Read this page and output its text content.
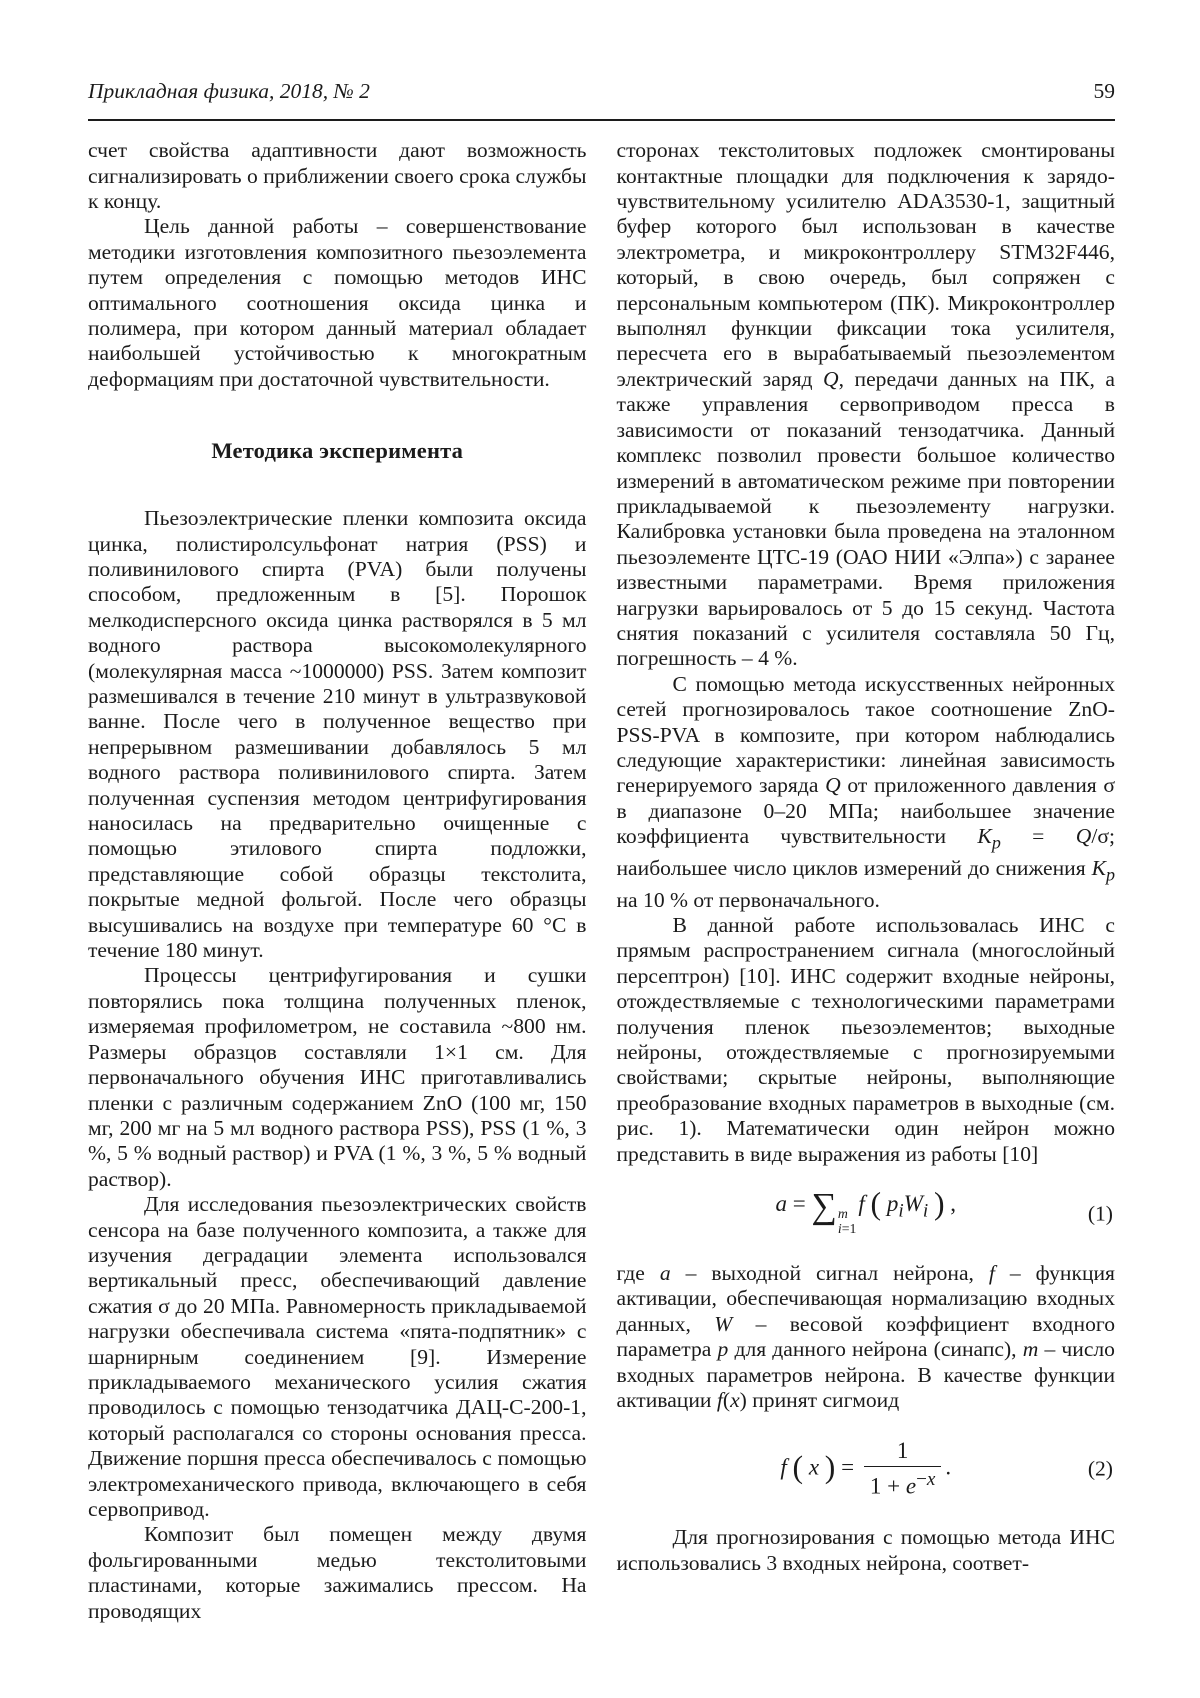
Прикладная физика, 2018, № 2	59

счет свойства адаптивности дают возможность сигнализировать о приближении своего срока службы к концу.

Цель данной работы – совершенствование методики изготовления композитного пьезоэлемента путем определения с помощью методов ИНС оптимального соотношения оксида цинка и полимера, при котором данный материал обладает наибольшей устойчивостью к многократным деформациям при достаточной чувствительности.

Методика эксперимента

Пьезоэлектрические пленки композита оксида цинка, полистиролсульфонат натрия (PSS) и поливинилового спирта (PVA) были получены способом, предложенным в [5]. Порошок мелкодисперсного оксида цинка растворялся в 5 мл водного раствора высокомолекулярного (молекулярная масса ~1000000) PSS. Затем композит размешивался в течение 210 минут в ультразвуковой ванне. После чего в полученное вещество при непрерывном размешивании добавлялось 5 мл водного раствора поливинилового спирта. Затем полученная суспензия методом центрифугирования наносилась на предварительно очищенные с помощью этилового спирта подложки, представляющие собой образцы текстолита, покрытые медной фольгой. После чего образцы высушивались на воздухе при температуре 60 °С в течение 180 минут.

Процессы центрифугирования и сушки повторялись пока толщина полученных пленок, измеряемая профилометром, не составила ~800 нм. Размеры образцов составляли 1×1 см. Для первоначального обучения ИНС приготавливались пленки с различным содержанием ZnO (100 мг, 150 мг, 200 мг на 5 мл водного раствора PSS), PSS (1 %, 3 %, 5 % водный раствор) и PVA (1 %, 3 %, 5 % водный раствор).

Для исследования пьезоэлектрических свойств сенсора на базе полученного композита, а также для изучения деградации элемента использовался вертикальный пресс, обеспечивающий давление сжатия σ до 20 МПа. Равномерность прикладываемой нагрузки обеспечивала система «пята-подпятник» с шарнирным соединением [9]. Измерение прикладываемого механического усилия сжатия проводилось с помощью тензодатчика ДАЦ-С-200-1, который располагался со стороны основания пресса. Движение поршня пресса обеспечивалось с помощью электромеханического привода, включающего в себя сервопривод.

Композит был помещен между двумя фольгированными медью текстолитовыми пластинами, которые зажимались прессом. На проводящих

сторонах текстолитовых подложек смонтированы контактные площадки для подключения к зарядо-чувствительному усилителю ADA3530-1, защитный буфер которого был использован в качестве электрометра, и микроконтроллеру STM32F446, который, в свою очередь, был сопряжен с персональным компьютером (ПК). Микроконтроллер выполнял функции фиксации тока усилителя, пересчета его в вырабатываемый пьезоэлементом электрический заряд Q, передачи данных на ПК, а также управления сервоприводом пресса в зависимости от показаний тензодатчика. Данный комплекс позволил провести большое количество измерений в автоматическом режиме при повторении прикладываемой к пьезоэлементу нагрузки. Калибровка установки была проведена на эталонном пьезоэлементе ЦТС-19 (ОАО НИИ «Элпа») с заранее известными параметрами. Время приложения нагрузки варьировалось от 5 до 15 секунд. Частота снятия показаний с усилителя составляла 50 Гц, погрешность – 4 %.

С помощью метода искусственных нейронных сетей прогнозировалось такое соотношение ZnO-PSS-PVA в композите, при котором наблюдались следующие характеристики: линейная зависимость генерируемого заряда Q от приложенного давления σ в диапазоне 0–20 МПа; наибольшее значение коэффициента чувствительности $K_p = Q/\sigma$; наибольшее число циклов измерений до снижения $K_p$ на 10 % от первоначального.

В данной работе использовалась ИНС с прямым распространением сигнала (многослойный персептрон) [10]. ИНС содержит входные нейроны, отождествляемые с технологическими параметрами получения пленок пьезоэлементов; выходные нейроны, отождествляемые с прогнозируемыми свойствами; скрытые нейроны, выполняющие преобразование входных параметров в выходные (см. рис. 1). Математически один нейрон можно представить в виде выражения из работы [10]

a = ∑ m
i=1
f ( $p_iW_i$ ) ,	(1)

где a – выходной сигнал нейрона, f – функция активации, обеспечивающая нормализацию входных данных, W – весовой коэффициент входного параметра p для данного нейрона (синапс), m – число входных параметров нейрона. В качестве функции активации f(x) принят сигмоид

f ( x ) = $\frac{1}{1 + e^{-x}}$ .	(2)

Для прогнозирования с помощью метода ИНС использовались 3 входных нейрона, соответ-
